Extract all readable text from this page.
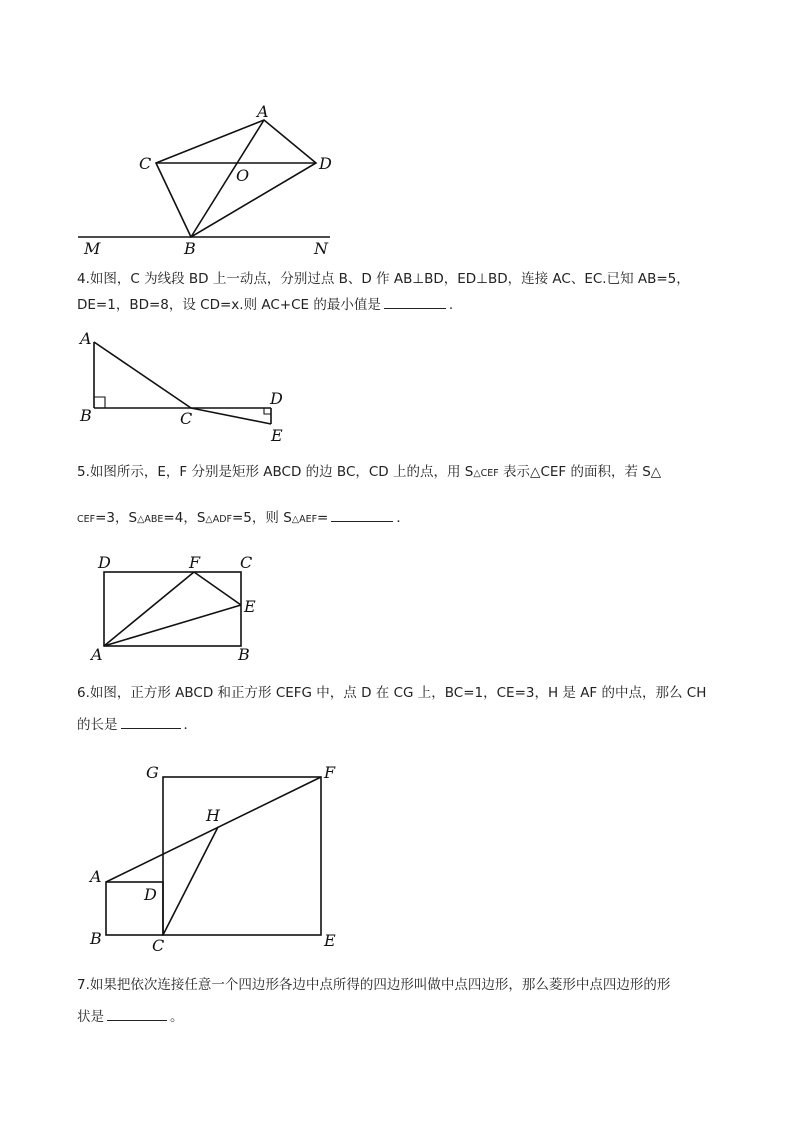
A
C
O
D
M	B	N
4.如图，C 为线段 BD 上一动点，分别过点 B、D 作 AB⊥BD，ED⊥BD，连接 AC、EC.已知 AB=5，
DE=1，BD=8，设 CD=x.则 AC+CE 的最小值是	.
A
B	C
D
E
5.如图所示，E，F 分别是矩形 ABCD 的边 BC，CD 上的点，用 S△CEF 表示△CEF 的面积，若 S△
CEF=3，S△ABE=4，S△ADF=5，则 S△AEF=	．
D	F C
E
A	B
6.如图，正方形 ABCD 和正方形 CEFG 中，点 D 在 CG 上，BC=1，CE=3，H 是 AF 的中点，那么 CH
的长是	．
G	F
H
A
D
B	C	E
7.如果把依次连接任意一个四边形各边中点所得的四边形叫做中点四边形，那么菱形中点四边形的形
状是	。
